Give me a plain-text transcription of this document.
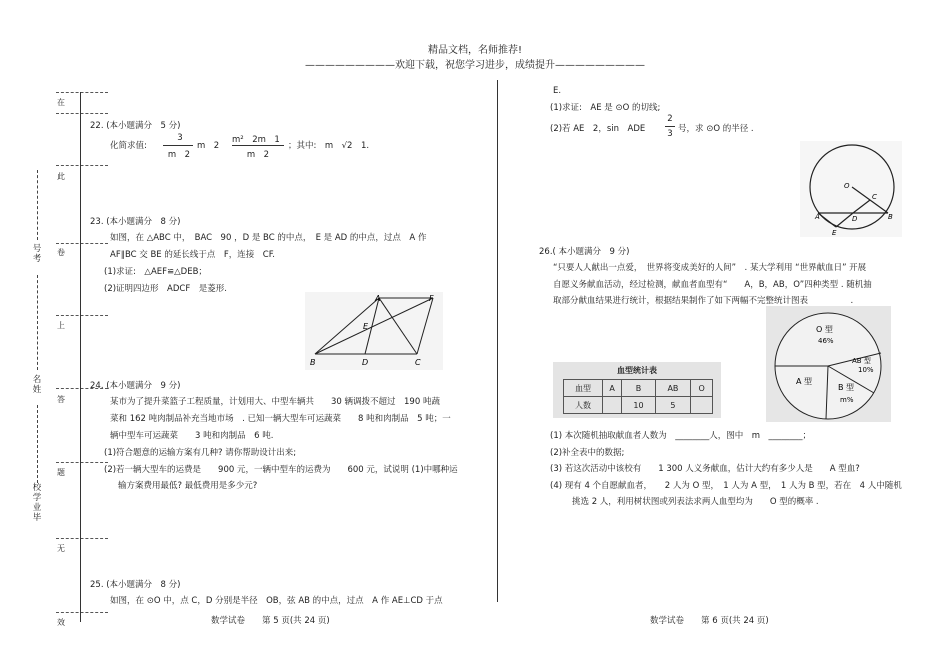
精品文档，名师推荐!
—————————欢迎下载，祝您学习进步，成绩提升—————————
在
此
卷
上
答
题
无
效
号
考
名
姓
校
学
业
毕
22. (本小题满分　5 分)
化简求值:
3
m　2
m　2
m²　2m　1
m　2
；其中:　m　√2　1.
23. (本小题满分　8 分)
如图，在 △ABC 中，　BAC　90 ，D 是 BC 的中点，　E 是 AD 的中点，过点　A 作
AF∥BC 交 BE 的延长线于点　F，连接　CF.
(1)求证:　△AEF≌△DEB；
(2)证明四边形　ADCF　是菱形.
A	F
E
B	D	C
24. (本小题满分　9 分)
某市为了提升菜篮子工程质量，计划用大、中型车辆共　　30 辆调拨不超过　190 吨蔬
菜和 162 吨肉制品补充当地市场　. 已知一辆大型车可运蔬菜　　8 吨和肉制品　5 吨；一
辆中型车可运蔬菜　　3 吨和肉制品　6 吨.
(1)符合题意的运输方案有几种? 请你帮助设计出来;
(2)若一辆大型车的运费是　　900 元，一辆中型车的运费为　　600 元，试说明 (1)中哪种运
输方案费用最低? 最低费用是多少元?
25. (本小题满分　8 分)
如图，在 ⊙O 中，点 C，D 分别是半径　OB，弦 AB 的中点，过点　A 作 AE⊥CD 于点
数学试卷　　第 5 页(共 24 页)
E.
(1)求证:　AE 是 ⊙O 的切线;
(2)若 AE　2，sin　ADE
2
3 号，求 ⊙O 的半径 .
O
C
A	D	B
E
26.( 本小题满分　9 分)
“只要人人献出一点爱，　世界将变成美好的人间”　. 某大学利用 “世界献血日” 开展
自愿义务献血活动，经过检测，献血者血型有“　　A，B，AB，O”四种类型 . 随机抽
取部分献血结果进行统计，根据结果制作了如下两幅不完整统计图表　　　　　.
血型统计表
血型	A	B	AB	O
人数		10	5	
O 型
46%
AB 型
10%
A 型
B 型
m%
(1) 本次随机抽取献血者人数为　________人，图中　m　________；
(2)补全表中的数据;
(3) 若这次活动中该校有　　1 300 人义务献血，估计大约有多少人是　　A 型血?
(4) 现有 4 个自愿献血者，　　2 人为 O 型，　1 人为 A 型，　1 人为 B 型，若在　4 人中随机
挑选 2 人，利用树状图或列表法求两人血型均为　　O 型的概率 .
数学试卷　　第 6 页(共 24 页)
